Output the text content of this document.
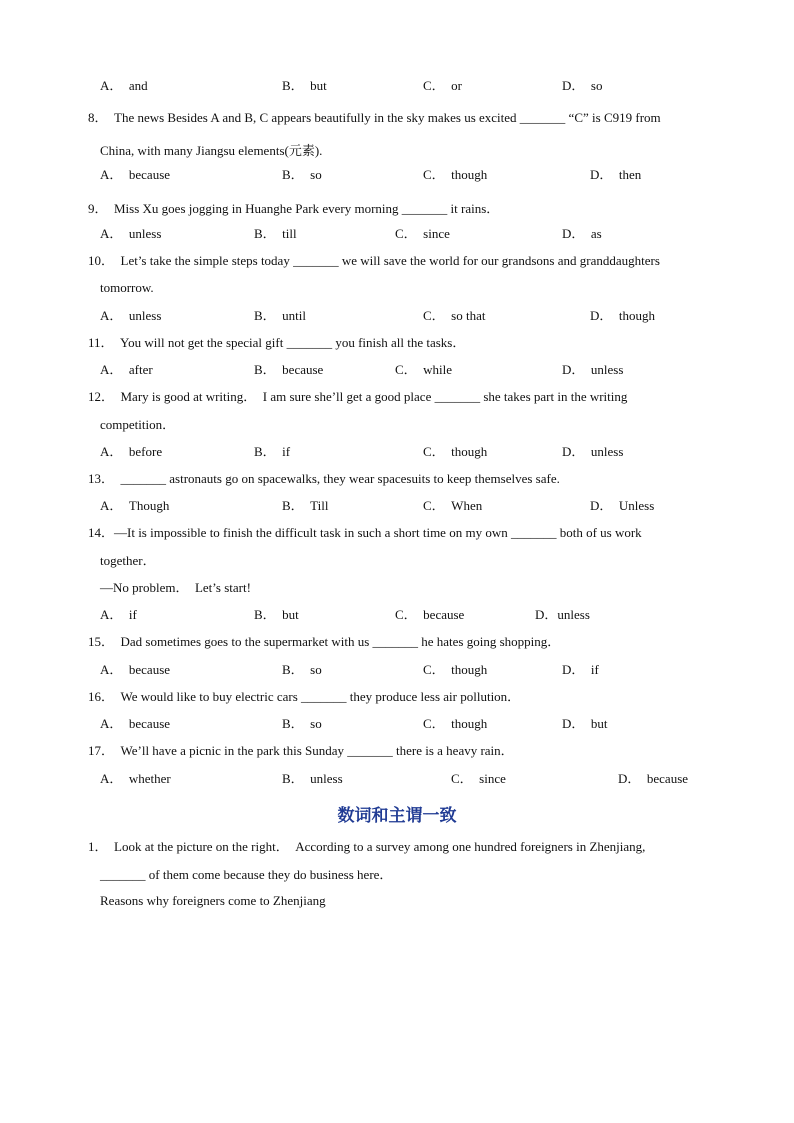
A．　and	B．　but	C．　or	D．　so
8．　The news Besides A and B, C appears beautifully in the sky makes us excited _______ “C” is C919 from
China, with many Jiangsu elements(元素).
A．　because	B．　so	C．　though	D．　then
9．　Miss Xu goes jogging in Huanghe Park every morning _______ it rains．
A．　unless	B．　till	C．　since	D．　as
10．　Let’s take the simple steps today _______ we will save the world for our grandsons and granddaughters
tomorrow.
A．　unless	B．　until	C．　so that	D．　though
11．　You will not get the special gift _______ you finish all the tasks．
A．　after	B．　because	C．　while	D．　unless
12．　Mary is good at writing．　I am sure she’ll get a good place _______ she takes part in the writing
competition．
A．　before	B．　if	C．　though	D．　unless
13．　_______ astronauts go on spacewalks, they wear spacesuits to keep themselves safe.
A．　Though	B．　Till	C．　When	D．　Unless
14．—It is impossible to finish the difficult task in such a short time on my own _______ both of us work
together．
—No problem．　Let’s start!
A．　if	B．　but	C．　because	D．unless
15．　Dad sometimes goes to the supermarket with us _______ he hates going shopping．
A．　because	B．　so	C．　though	D．　if
16．　We would like to buy electric cars _______ they produce less air pollution．
A．　because	B．　so	C．　though	D．　but
17．　We’ll have a picnic in the park this Sunday _______ there is a heavy rain．
A．　whether	B．　unless	C．　since	D．　because
数词和主谓一致
1．　Look at the picture on the right．　According to a survey among one hundred foreigners in Zhenjiang,
_______ of them come because they do business here．
Reasons why foreigners come to Zhenjiang
